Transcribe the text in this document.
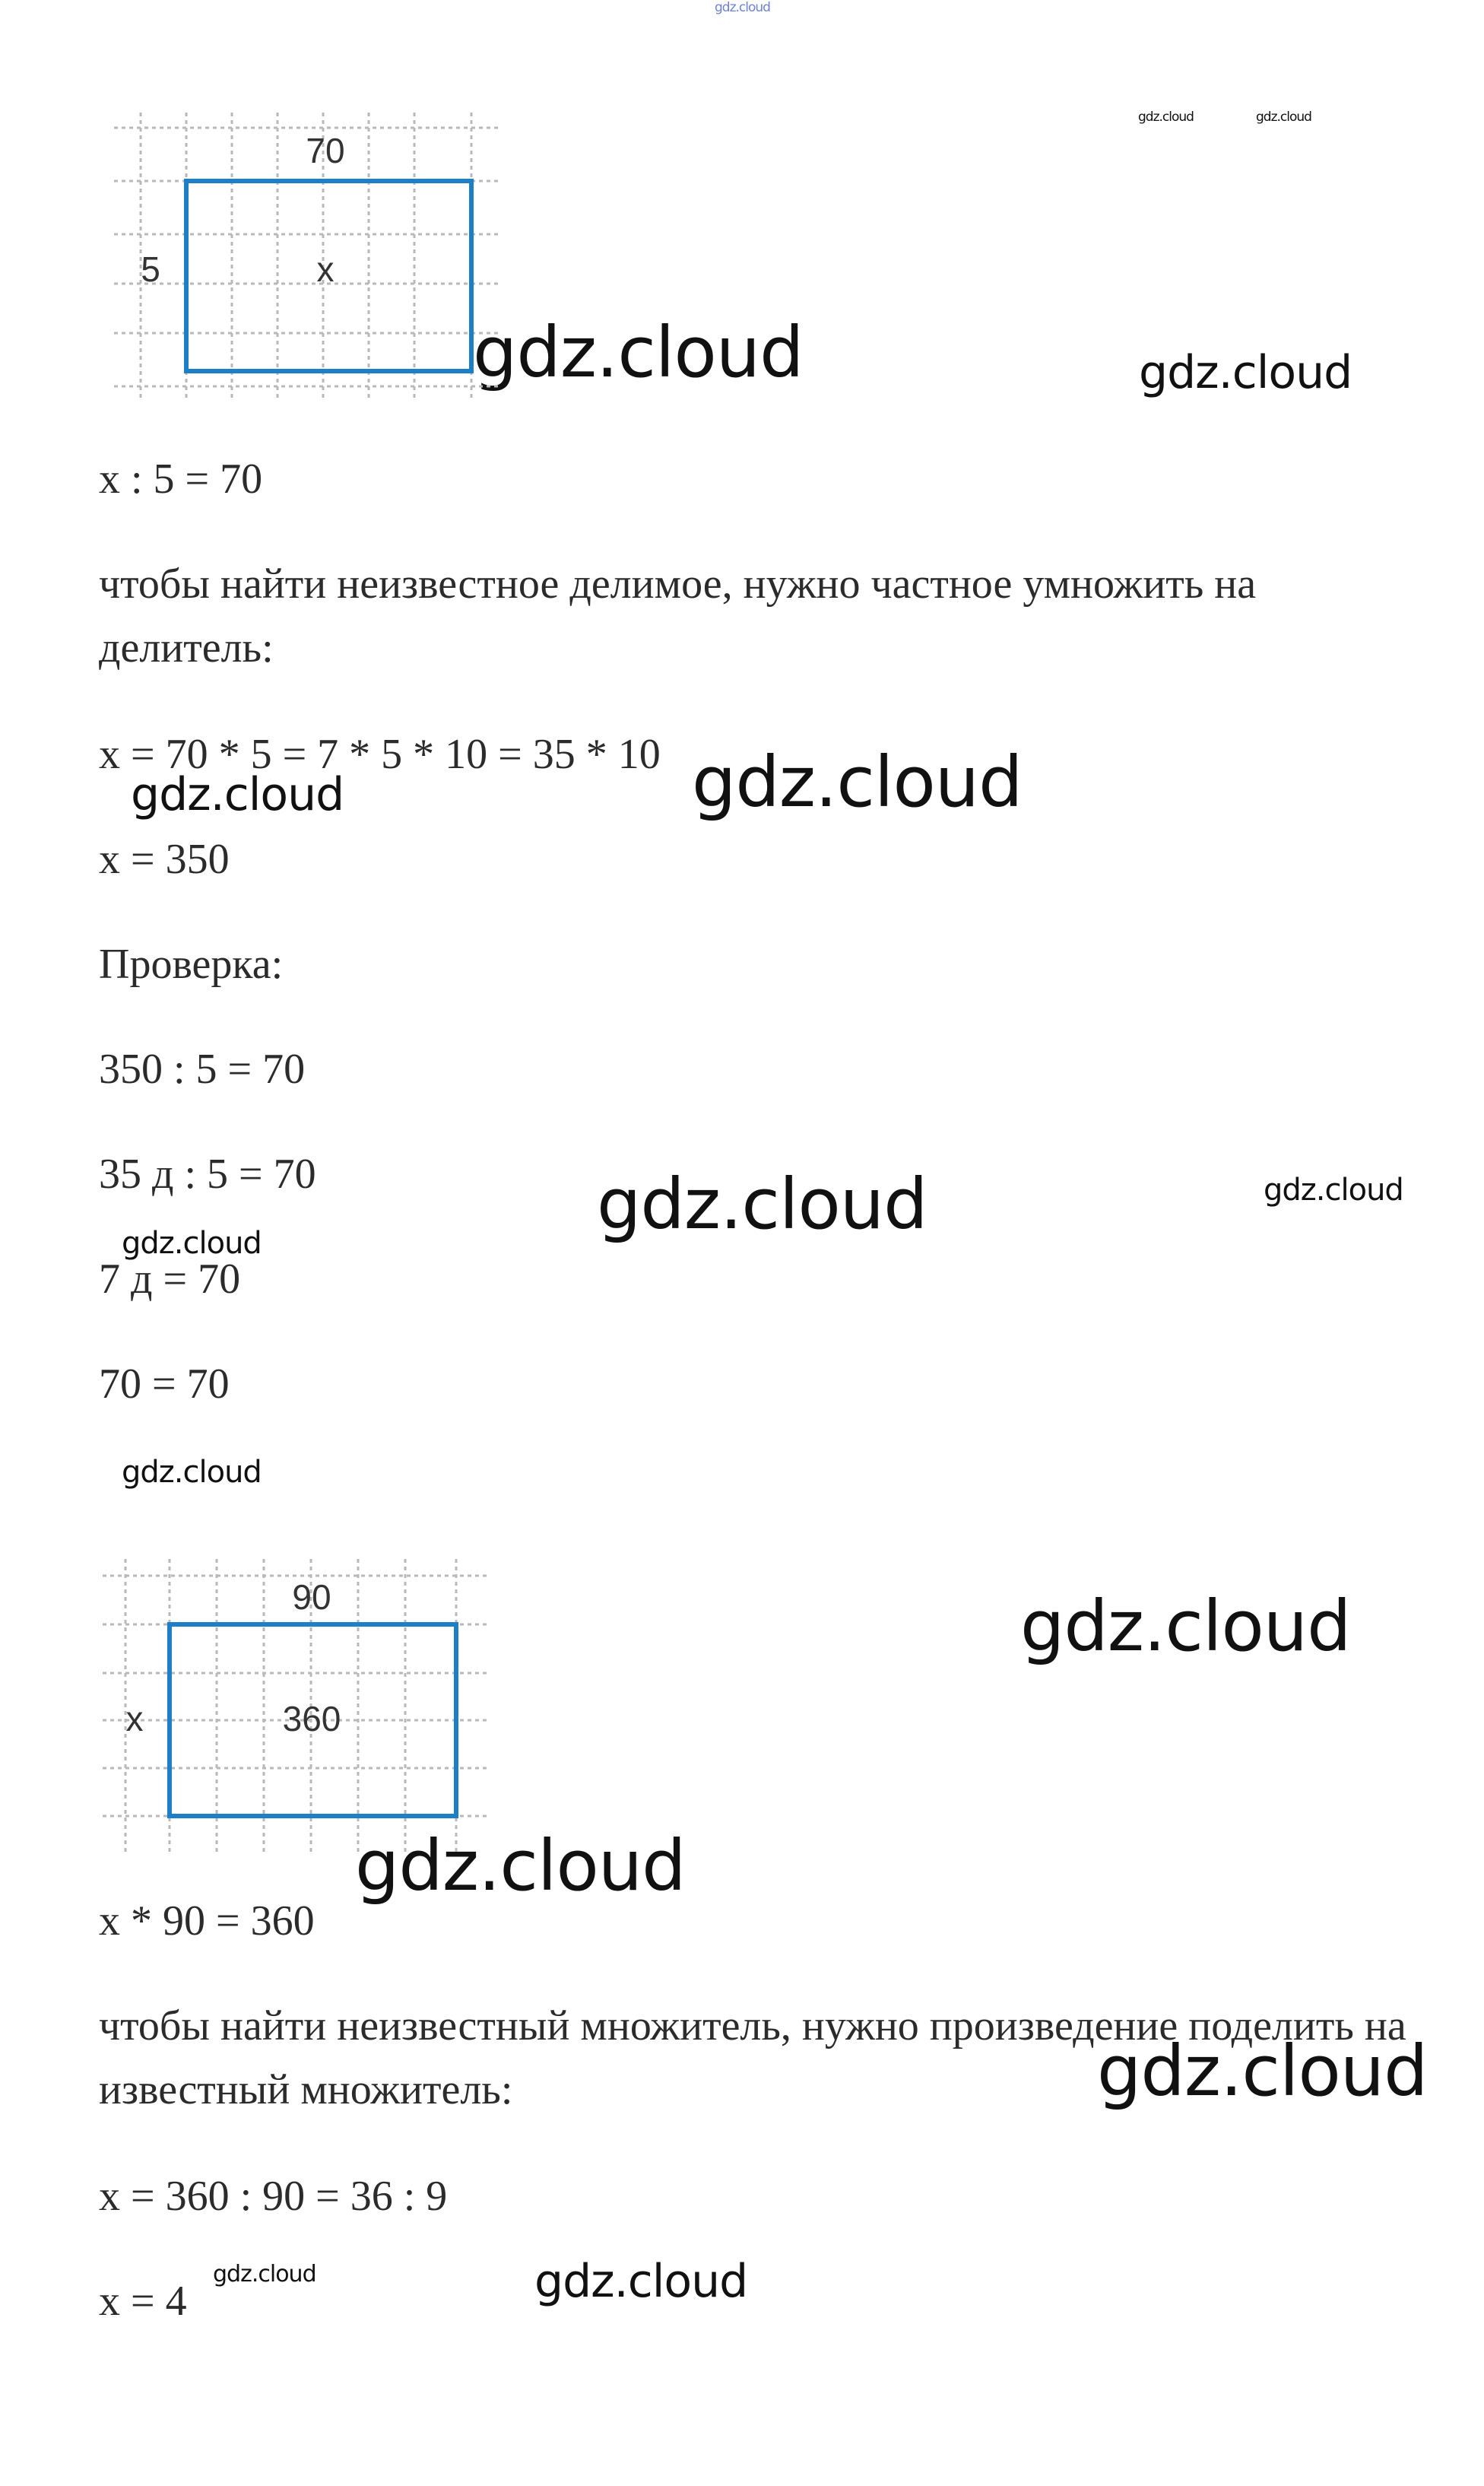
gdz.cloud
gdz.cloud	gdz.cloud
gdz.cloud	gdz.cloud
gdz.cloud	gdz.cloud
gdz.cloud	gdz.cloud
gdz.cloud
gdz.cloud
gdz.cloud
gdz.cloud
gdz.cloud
gdz.cloud	gdz.cloud
70
5	x

x : 5 = 70

чтобы найти неизвестное делимое, нужно частное умножить на делитель:

x = 70 * 5 = 7 * 5 * 10 = 35 * 10

x = 350

Проверка:

350 : 5 = 70

35 д : 5 = 70

7 д = 70

70 = 70

90
x	360

x * 90 = 360

чтобы найти неизвестный множитель, нужно произведение поделить на известный множитель:

x = 360 : 90 = 36 : 9

x = 4
